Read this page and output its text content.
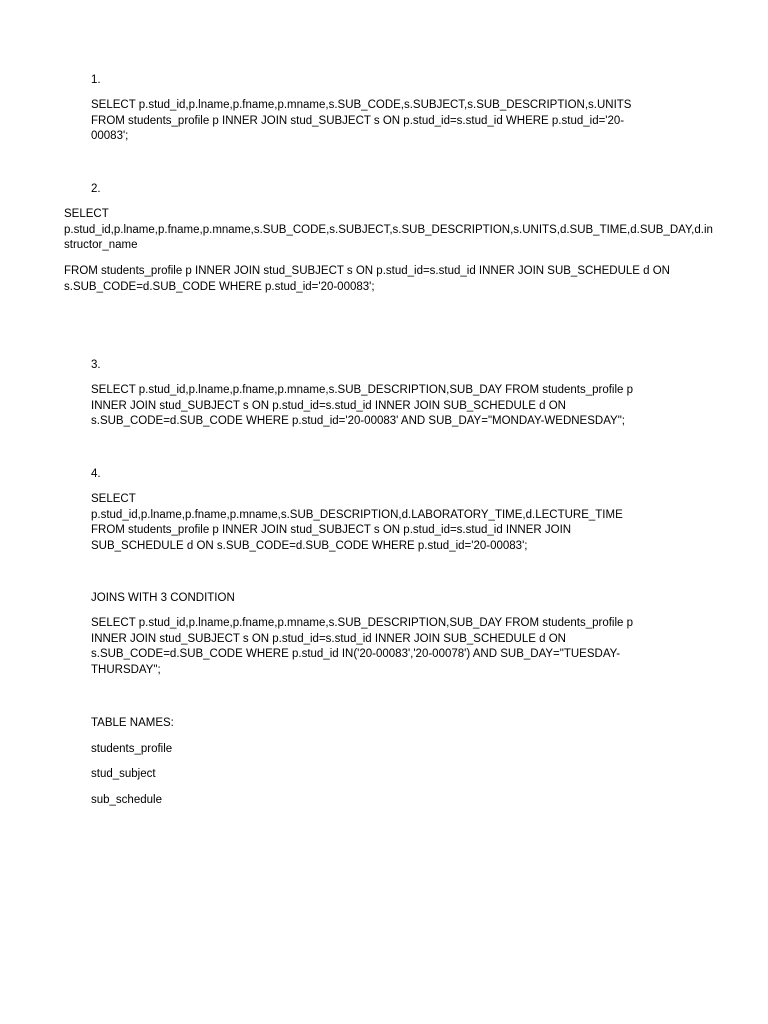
1.
SELECT p.stud_id,p.lname,p.fname,p.mname,s.SUB_CODE,s.SUBJECT,s.SUB_DESCRIPTION,s.UNITS
FROM students_profile p INNER JOIN stud_SUBJECT s ON p.stud_id=s.stud_id WHERE p.stud_id='20-
00083';
2.
SELECT
p.stud_id,p.lname,p.fname,p.mname,s.SUB_CODE,s.SUBJECT,s.SUB_DESCRIPTION,s.UNITS,d.SUB_TIME,d.SUB_DAY,d.in
structor_name
FROM students_profile p INNER JOIN stud_SUBJECT s ON p.stud_id=s.stud_id INNER JOIN SUB_SCHEDULE d ON
s.SUB_CODE=d.SUB_CODE WHERE p.stud_id='20-00083';
3.
SELECT p.stud_id,p.lname,p.fname,p.mname,s.SUB_DESCRIPTION,SUB_DAY FROM students_profile p
INNER JOIN stud_SUBJECT s ON p.stud_id=s.stud_id INNER JOIN SUB_SCHEDULE d ON
s.SUB_CODE=d.SUB_CODE WHERE p.stud_id='20-00083' AND SUB_DAY="MONDAY-WEDNESDAY";
4.
SELECT
p.stud_id,p.lname,p.fname,p.mname,s.SUB_DESCRIPTION,d.LABORATORY_TIME,d.LECTURE_TIME
FROM students_profile p INNER JOIN stud_SUBJECT s ON p.stud_id=s.stud_id INNER JOIN
SUB_SCHEDULE d ON s.SUB_CODE=d.SUB_CODE WHERE p.stud_id='20-00083';
JOINS WITH 3 CONDITION
SELECT p.stud_id,p.lname,p.fname,p.mname,s.SUB_DESCRIPTION,SUB_DAY FROM students_profile p
INNER JOIN stud_SUBJECT s ON p.stud_id=s.stud_id INNER JOIN SUB_SCHEDULE d ON
s.SUB_CODE=d.SUB_CODE WHERE p.stud_id IN('20-00083','20-00078') AND SUB_DAY="TUESDAY-
THURSDAY";
TABLE NAMES:
students_profile
stud_subject
sub_schedule
